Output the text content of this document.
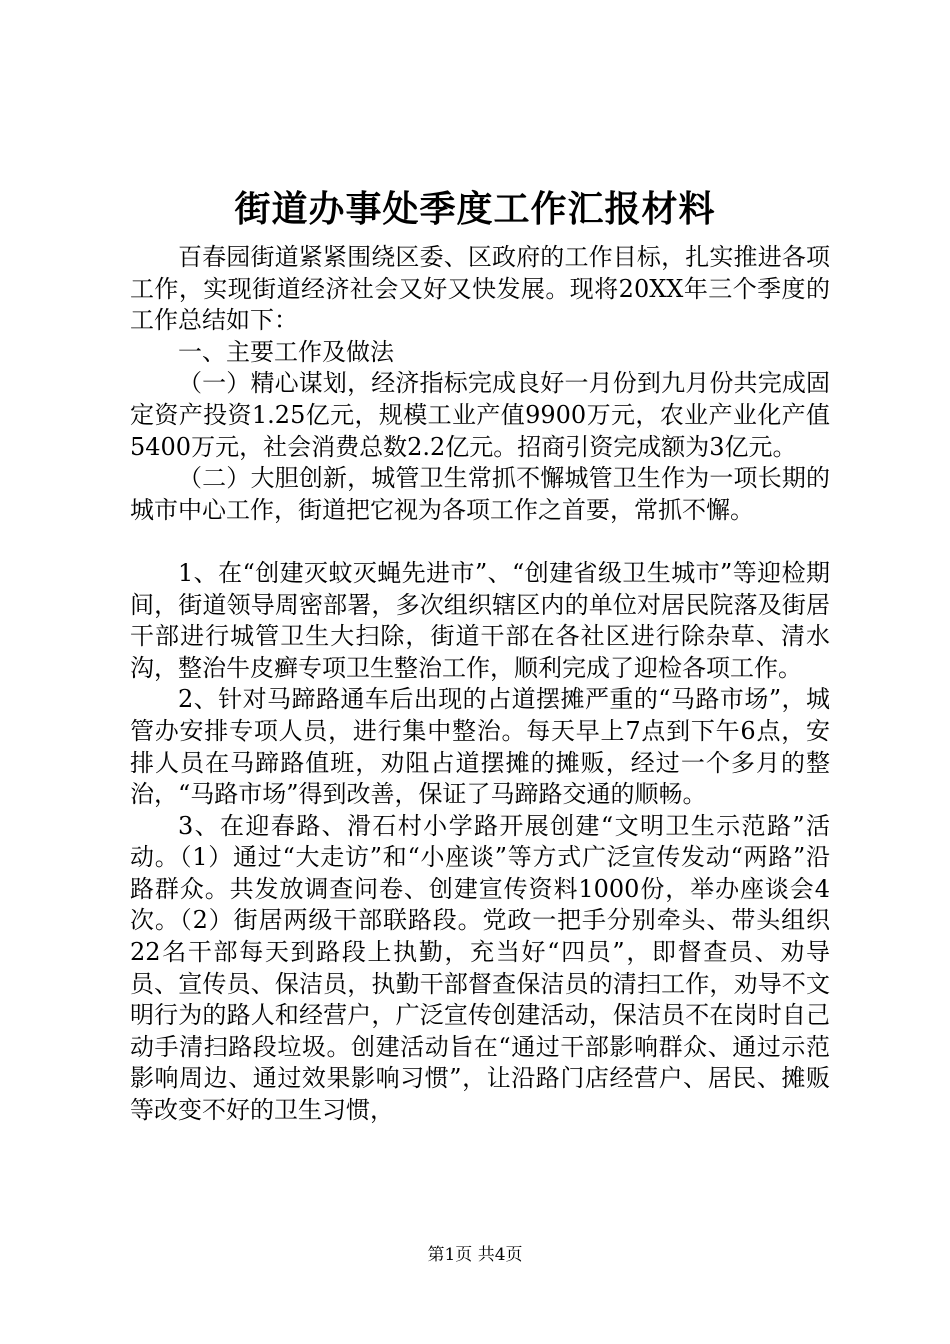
街道办事处季度工作汇报材料

百春园街道紧紧围绕区委、区政府的工作目标，扎实推进各项工作，实现街道经济社会又好又快发展。现将20XX年三个季度的工作总结如下：

一、主要工作及做法

（一）精心谋划，经济指标完成良好一月份到九月份共完成固定资产投资1.25亿元，规模工业产值9900万元，农业产业化产值5400万元，社会消费总数2.2亿元。招商引资完成额为3亿元。

（二）大胆创新，城管卫生常抓不懈城管卫生作为一项长期的城市中心工作，街道把它视为各项工作之首要，常抓不懈。

1、在“创建灭蚊灭蝇先进市”、“创建省级卫生城市”等迎检期间，街道领导周密部署，多次组织辖区内的单位对居民院落及街居干部进行城管卫生大扫除，街道干部在各社区进行除杂草、清水沟，整治牛皮癣专项卫生整治工作，顺利完成了迎检各项工作。

2、针对马蹄路通车后出现的占道摆摊严重的“马路市场”，城管办安排专项人员，进行集中整治。每天早上7点到下午6点，安排人员在马蹄路值班，劝阻占道摆摊的摊贩，经过一个多月的整治，“马路市场”得到改善，保证了马蹄路交通的顺畅。

3、在迎春路、滑石村小学路开展创建“文明卫生示范路”活动。（1）通过“大走访”和“小座谈”等方式广泛宣传发动“两路”沿路群众。共发放调查问卷、创建宣传资料1000份，举办座谈会4次。（2）街居两级干部联路段。党政一把手分别牵头、带头组织22名干部每天到路段上执勤，充当好“四员”，即督查员、劝导员、宣传员、保洁员，执勤干部督查保洁员的清扫工作，劝导不文明行为的路人和经营户，广泛宣传创建活动，保洁员不在岗时自己动手清扫路段垃圾。创建活动旨在“通过干部影响群众、通过示范影响周边、通过效果影响习惯”，让沿路门店经营户、居民、摊贩等改变不好的卫生习惯，

第1页 共4页
